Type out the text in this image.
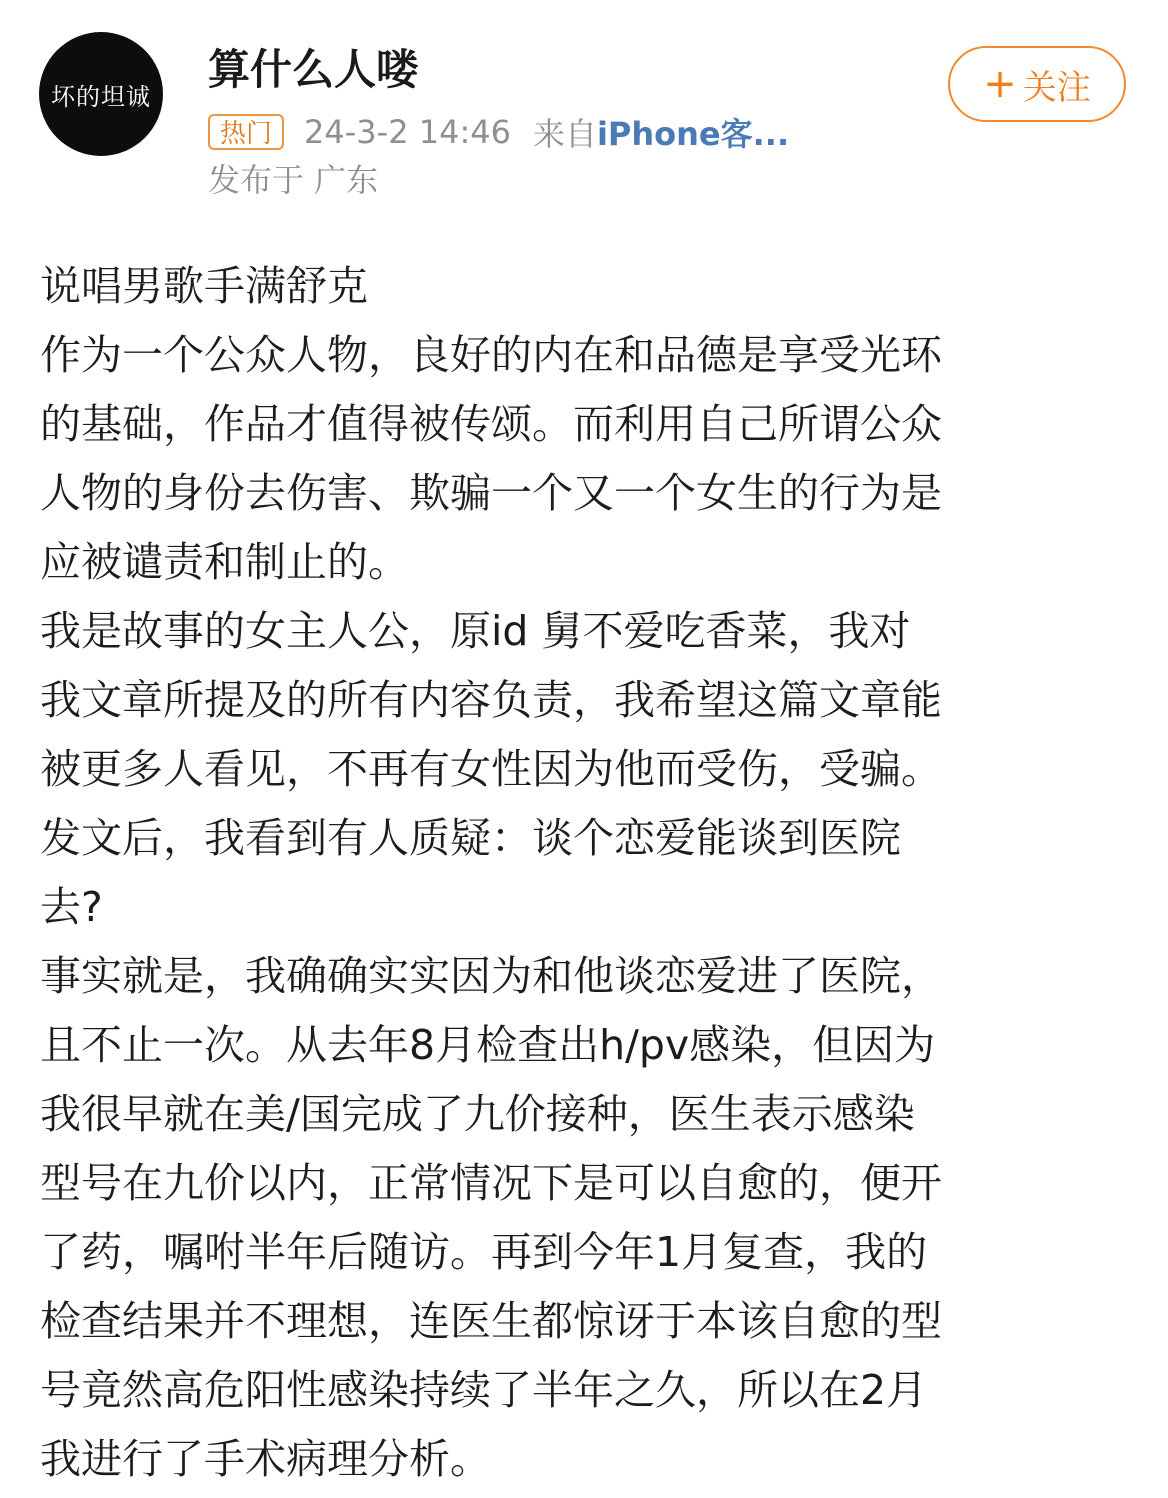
坏的坦诚
算什么人喽
热门	24-3-2 14:46 来自 iPhone客...
发布于 广东
+ 关注
说唱男歌手满舒克
作为一个公众人物，良好的内在和品德是享受光环
的基础，作品才值得被传颂。而利用自己所谓公众
人物的身份去伤害、欺骗一个又一个女生的行为是
应被谴责和制止的。
我是故事的女主人公，原id 舅不爱吃香菜，我对
我文章所提及的所有内容负责，我希望这篇文章能
被更多人看见，不再有女性因为他而受伤，受骗。
发文后，我看到有人质疑：谈个恋爱能谈到医院
去?
事实就是，我确确实实因为和他谈恋爱进了医院，
且不止一次。从去年8月检查出h/pv感染，但因为
我很早就在美/国完成了九价接种，医生表示感染
型号在九价以内，正常情况下是可以自愈的，便开
了药，嘱咐半年后随访。再到今年1月复查，我的
检查结果并不理想，连医生都惊讶于本该自愈的型
号竟然高危阳性感染持续了半年之久，所以在2月
我进行了手术病理分析。
